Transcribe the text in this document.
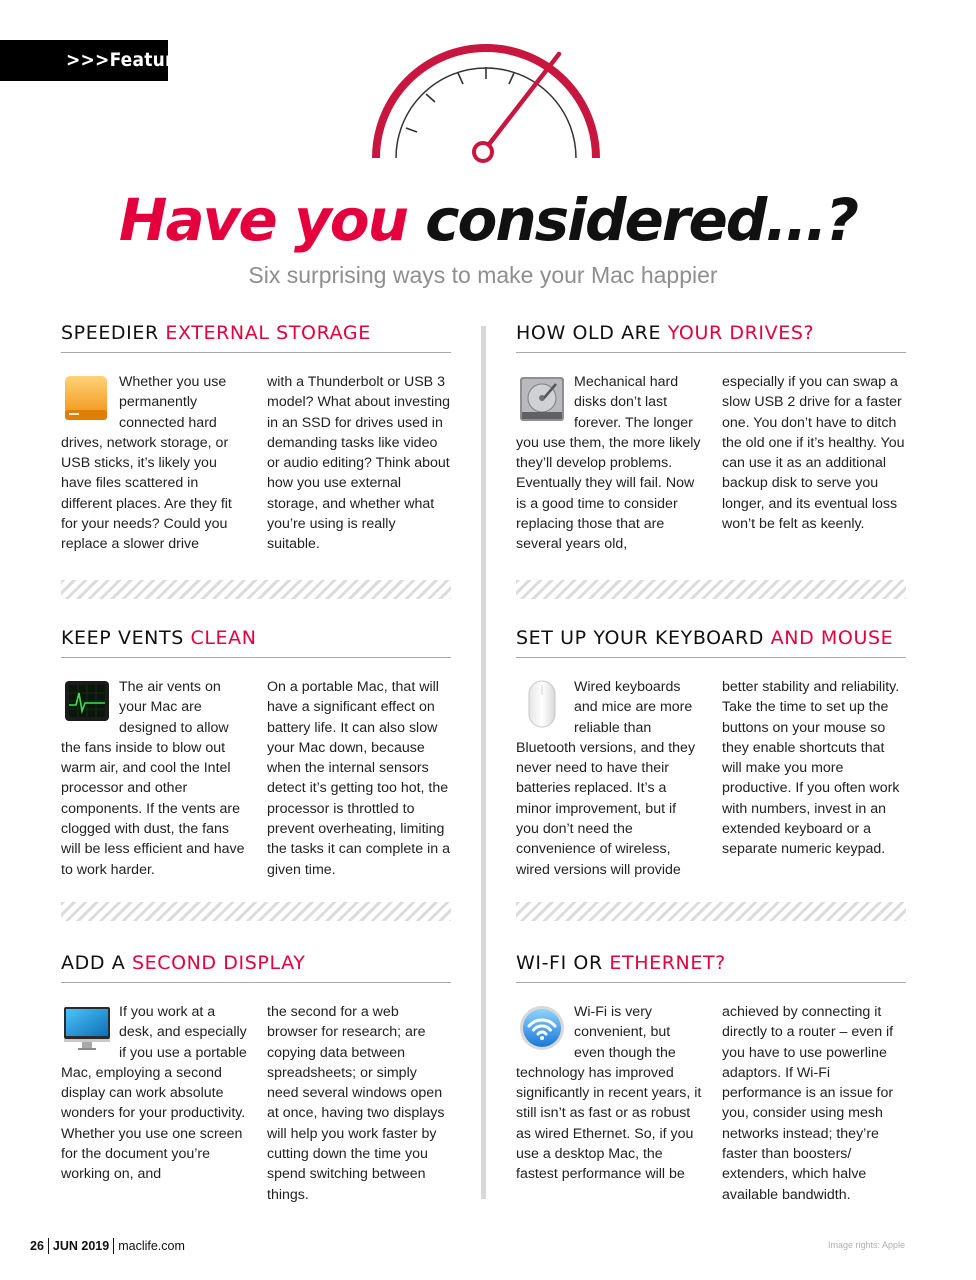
>>>Feature
Have you considered...?
Six surprising ways to make your Mac happier
SPEEDIER EXTERNAL STORAGE
Whether you use permanently connected hard drives, network storage, or USB sticks, it’s likely you have files scattered in different places. Are they fit for your needs? Could you replace a slower drive
with a Thunderbolt or USB 3 model? What about investing in an SSD for drives used in demanding tasks like video or audio editing? Think about how you use external storage, and whether what you’re using is really suitable.
HOW OLD ARE YOUR DRIVES?
Mechanical hard disks don’t last forever. The longer you use them, the more likely they’ll develop problems. Eventually they will fail. Now is a good time to consider replacing those that are several years old,
especially if you can swap a slow USB 2 drive for a faster one. You don’t have to ditch the old one if it’s healthy. You can use it as an additional backup disk to serve you longer, and its eventual loss won’t be felt as keenly.
KEEP VENTS CLEAN
The air vents on your Mac are designed to allow the fans inside to blow out warm air, and cool the Intel processor and other components. If the vents are clogged with dust, the fans will be less efficient and have to work harder.
On a portable Mac, that will have a significant effect on battery life. It can also slow your Mac down, because when the internal sensors detect it’s getting too hot, the processor is throttled to prevent overheating, limiting the tasks it can complete in a given time.
SET UP YOUR KEYBOARD AND MOUSE
Wired keyboards and mice are more reliable than Bluetooth versions, and they never need to have their batteries replaced. It’s a minor improvement, but if you don’t need the convenience of wireless, wired versions will provide
better stability and reliability. Take the time to set up the buttons on your mouse so they enable shortcuts that will make you more productive. If you often work with numbers, invest in an extended keyboard or a separate numeric keypad.
ADD A SECOND DISPLAY
If you work at a desk, and especially if you use a portable Mac, employing a second display can work absolute wonders for your productivity. Whether you use one screen for the document you’re working on, and
the second for a web browser for research; are copying data between spreadsheets; or simply need several windows open at once, having two displays will help you work faster by cutting down the time you spend switching between things.
WI-FI OR ETHERNET?
Wi-Fi is very convenient, but even though the technology has improved significantly in recent years, it still isn’t as fast or as robust as wired Ethernet. So, if you use a desktop Mac, the fastest performance will be
achieved by connecting it directly to a router – even if you have to use powerline adaptors. If Wi-Fi performance is an issue for you, consider using mesh networks instead; they’re faster than boosters/ extenders, which halve available bandwidth.
26 JUN 2019 maclife.com	Image rights: Apple
